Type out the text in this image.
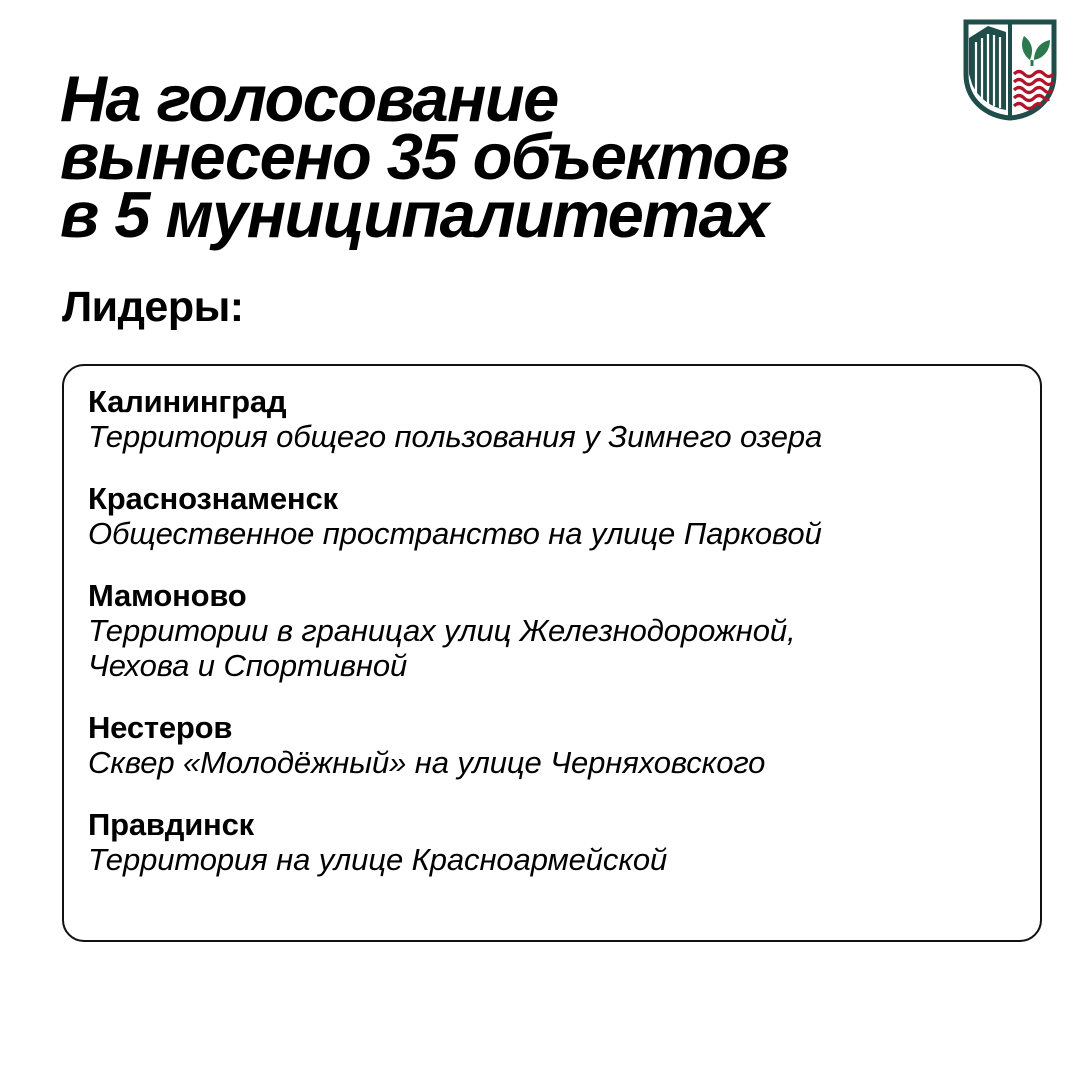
На голосование
вынесено 35 объектов
в 5 муниципалитетах
Лидеры:
Калининград
Территория общего пользования у Зимнего озера
Краснознаменск
Общественное пространство на улице Парковой
Мамоново
Территории в границах улиц Железнодорожной,
Чехова и Спортивной
Нестеров
Сквер «Молодёжный» на улице Черняховского
Правдинск
Территория на улице Красноармейской
